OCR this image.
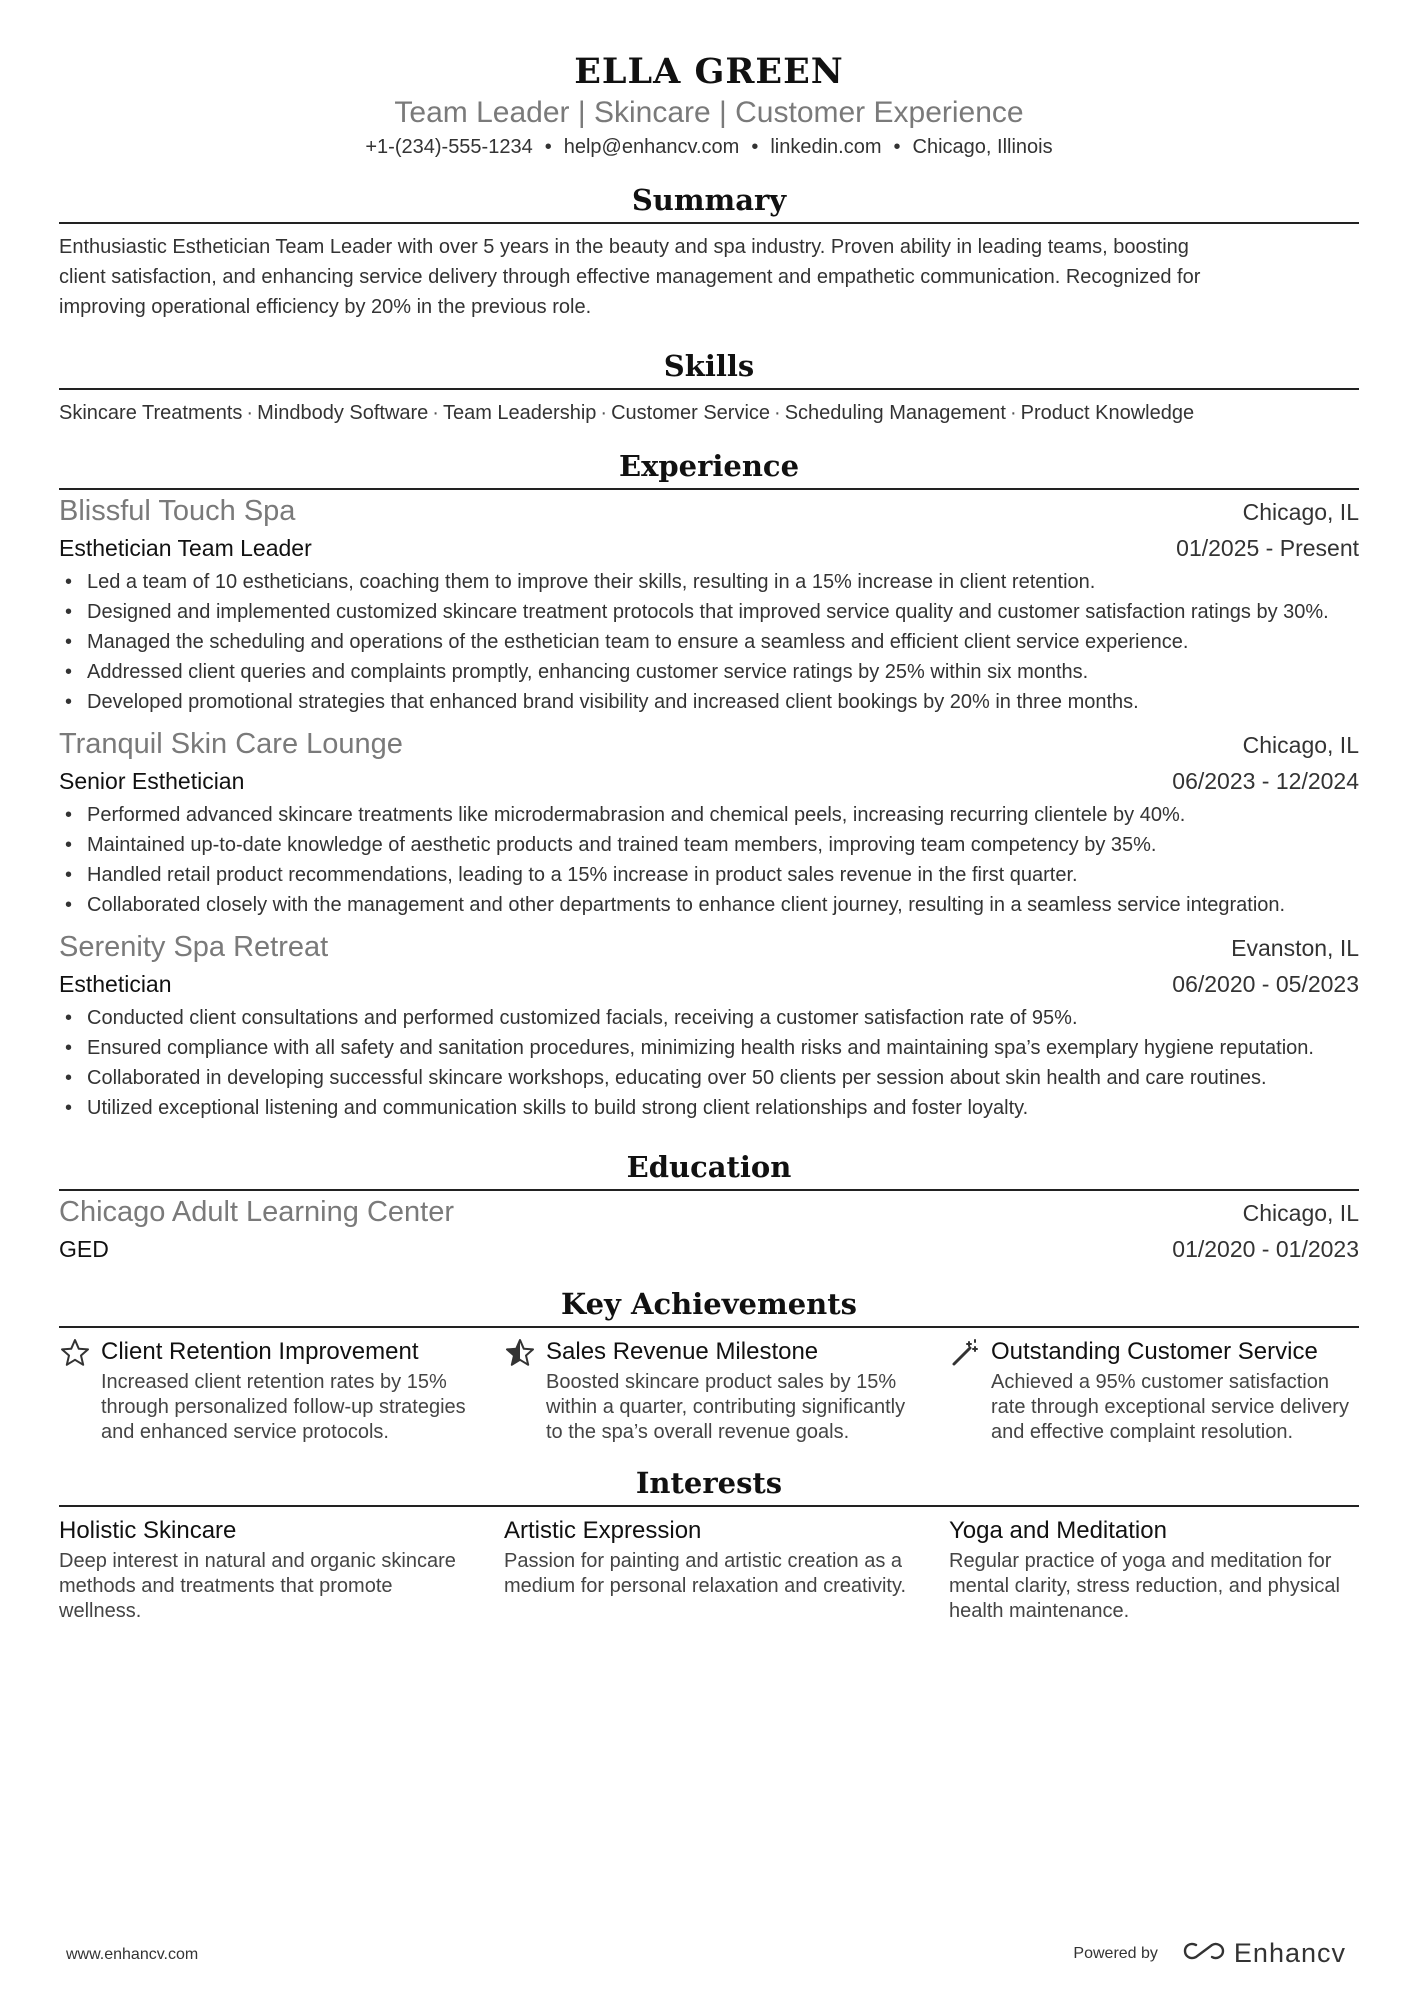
ELLA GREEN
Team Leader | Skincare | Customer Experience
+1-(234)-555-1234 • help@enhancv.com • linkedin.com • Chicago, Illinois
Summary
Enthusiastic Esthetician Team Leader with over 5 years in the beauty and spa industry. Proven ability in leading teams, boosting
client satisfaction, and enhancing service delivery through effective management and empathetic communication. Recognized for
improving operational efficiency by 20% in the previous role.
Skills
Skincare Treatments · Mindbody Software · Team Leadership · Customer Service · Scheduling Management · Product Knowledge
Experience
Blissful Touch Spa	Chicago, IL
Esthetician Team Leader	01/2025 - Present
• Led a team of 10 estheticians, coaching them to improve their skills, resulting in a 15% increase in client retention.
• Designed and implemented customized skincare treatment protocols that improved service quality and customer satisfaction ratings by 30%.
• Managed the scheduling and operations of the esthetician team to ensure a seamless and efficient client service experience.
• Addressed client queries and complaints promptly, enhancing customer service ratings by 25% within six months.
• Developed promotional strategies that enhanced brand visibility and increased client bookings by 20% in three months.
Tranquil Skin Care Lounge	Chicago, IL
Senior Esthetician	06/2023 - 12/2024
• Performed advanced skincare treatments like microdermabrasion and chemical peels, increasing recurring clientele by 40%.
• Maintained up-to-date knowledge of aesthetic products and trained team members, improving team competency by 35%.
• Handled retail product recommendations, leading to a 15% increase in product sales revenue in the first quarter.
• Collaborated closely with the management and other departments to enhance client journey, resulting in a seamless service integration.
Serenity Spa Retreat	Evanston, IL
Esthetician	06/2020 - 05/2023
• Conducted client consultations and performed customized facials, receiving a customer satisfaction rate of 95%.
• Ensured compliance with all safety and sanitation procedures, minimizing health risks and maintaining spa’s exemplary hygiene reputation.
• Collaborated in developing successful skincare workshops, educating over 50 clients per session about skin health and care routines.
• Utilized exceptional listening and communication skills to build strong client relationships and foster loyalty.
Education
Chicago Adult Learning Center	Chicago, IL
GED	01/2020 - 01/2023
Key Achievements
Client Retention Improvement
Increased client retention rates by 15% through personalized follow-up strategies and enhanced service protocols.
Sales Revenue Milestone
Boosted skincare product sales by 15% within a quarter, contributing significantly to the spa’s overall revenue goals.
Outstanding Customer Service
Achieved a 95% customer satisfaction rate through exceptional service delivery and effective complaint resolution.
Interests
Holistic Skincare
Deep interest in natural and organic skincare methods and treatments that promote wellness.
Artistic Expression
Passion for painting and artistic creation as a medium for personal relaxation and creativity.
Yoga and Meditation
Regular practice of yoga and meditation for mental clarity, stress reduction, and physical health maintenance.
www.enhancv.com	Powered by	Enhancv
